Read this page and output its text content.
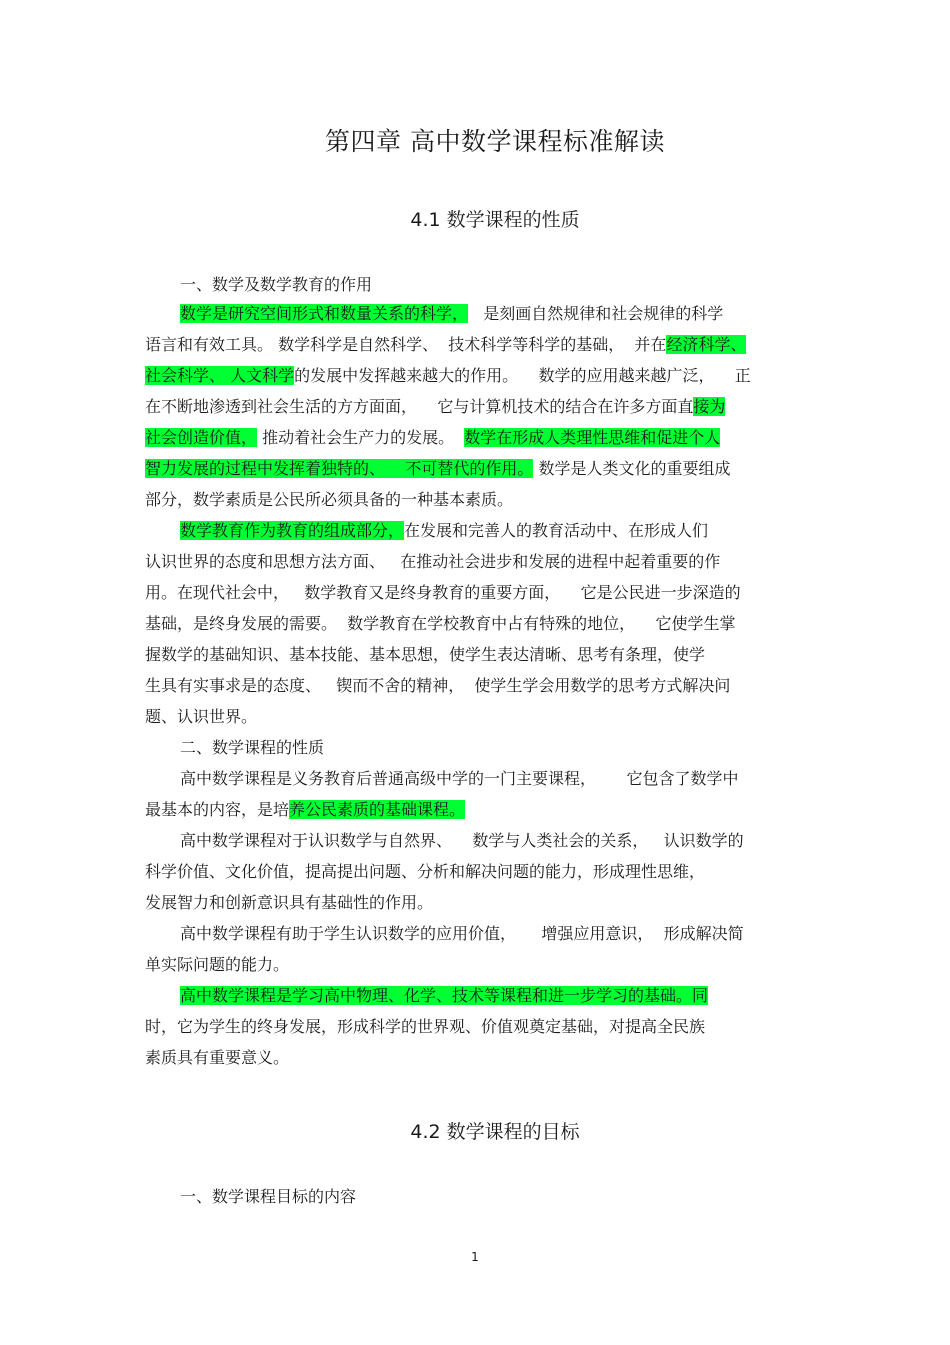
第四章 高中数学课程标准解读
4.1 数学课程的性质
一、数学及数学教育的作用
数学是研究空间形式和数量关系的科学，   是刻画自然规律和社会规律的科学
语言和有效工具。 数学科学是自然科学、  技术科学等科学的基础，  并在经济科学、
社会科学、 人文科学的发展中发挥越来越大的作用。    数学的应用越来越广泛，    正
在不断地渗透到社会生活的方方面面，    它与计算机技术的结合在许多方面直接为
社会创造价值， 推动着社会生产力的发展。  数学在形成人类理性思维和促进个人
智力发展的过程中发挥着独特的、    不可替代的作用。 数学是人类文化的重要组成
部分，数学素质是公民所必须具备的一种基本素质。
数学教育作为教育的组成部分，在发展和完善人的教育活动中、在形成人们
认识世界的态度和思想方法方面、   在推动社会进步和发展的进程中起着重要的作
用。在现代社会中，   数学教育又是终身教育的重要方面，    它是公民进一步深造的
基础，是终身发展的需要。  数学教育在学校教育中占有特殊的地位，    它使学生掌
握数学的基础知识、基本技能、基本思想，使学生表达清晰、思考有条理，使学
生具有实事求是的态度、   锲而不舍的精神，  使学生学会用数学的思考方式解决问
题、认识世界。
二、数学课程的性质
高中数学课程是义务教育后普通高级中学的一门主要课程，      它包含了数学中
最基本的内容，是培养公民素质的基础课程。
高中数学课程对于认识数学与自然界、    数学与人类社会的关系，   认识数学的
科学价值、文化价值，提高提出问题、分析和解决问题的能力，形成理性思维，
发展智力和创新意识具有基础性的作用。
高中数学课程有助于学生认识数学的应用价值，     增强应用意识，  形成解决简
单实际问题的能力。
高中数学课程是学习高中物理、化学、技术等课程和进一步学习的基础。同
时，它为学生的终身发展，形成科学的世界观、价值观奠定基础，对提高全民族
素质具有重要意义。
4.2 数学课程的目标
一、数学课程目标的内容
1
